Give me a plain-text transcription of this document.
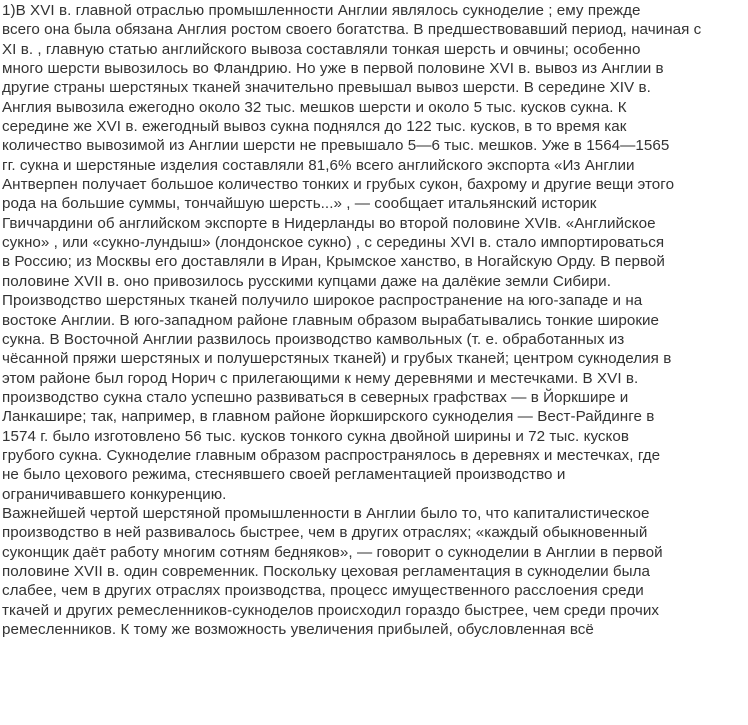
1)В XVI в. главной отраслью промышленности Англии являлось сукноделие ; ему прежде
всего она была обязана Англия ростом своего богатства. В предшествовавший период, начиная с
XI в. , главную статью английского вывоза составляли тонкая шерсть и овчины; особенно
много шерсти вывозилось во Фландрию. Но уже в первой половине XVI в. вывоз из Англии в
другие страны шерстяных тканей значительно превышал вывоз шерсти. В середине XIV в.
Англия вывозила ежегодно около 32 тыс. мешков шерсти и около 5 тыс. кусков сукна. К
середине же XVI в. ежегодный вывоз сукна поднялся до 122 тыс. кусков, в то время как
количество вывозимой из Англии шерсти не превышало 5—6 тыс. мешков. Уже в 1564—1565
гг. сукна и шерстяные изделия составляли 81,6% всего английского экспорта «Из Англии
Антверпен получает большое количество тонких и грубых сукон, бахрому и другие вещи этого
рода на большие суммы, тончайшую шерсть...» , — сообщает итальянский историк
Гвиччардини об английском экспорте в Нидерланды во второй половине XVIв. «Английское
сукно» , или «сукно-лундыш» (лондонское сукно) , с середины XVI в. стало импортироваться
в Россию; из Москвы его доставляли в Иран, Крымское ханство, в Ногайскую Орду. В первой
половине XVII в. оно привозилось русскими купцами даже на далёкие земли Сибири.
Производство шерстяных тканей получило широкое распространение на юго-западе и на
востоке Англии. В юго-западном районе главным образом вырабатывались тонкие широкие
сукна. В Восточной Англии развилось производство камвольных (т. е. обработанных из
чёсанной пряжи шерстяных и полушерстяных тканей) и грубых тканей; центром сукноделия в
этом районе был город Норич с прилегающими к нему деревнями и местечками. В XVI в.
производство сукна стало успешно развиваться в северных графствах — в Йоркшире и
Ланкашире; так, например, в главном районе йоркширского сукноделия — Вест-Райдинге в
1574 г. было изготовлено 56 тыс. кусков тонкого сукна двойной ширины и 72 тыс. кусков
грубого сукна. Сукноделие главным образом распространялось в деревнях и местечках, где
не было цехового режима, стеснявшего своей регламентацией производство и
ограничивавшего конкуренцию.
Важнейшей чертой шерстяной промышленности в Англии было то, что капиталистическое
производство в ней развивалось быстрее, чем в других отраслях; «каждый обыкновенный
суконщик даёт работу многим сотням бедняков», — говорит о сукноделии в Англии в первой
половине XVII в. один современник. Поскольку цеховая регламентация в сукноделии была
слабее, чем в других отраслях производства, процесс имущественного расслоения среди
ткачей и других ремесленников-сукноделов происходил гораздо быстрее, чем среди прочих
ремесленников. К тому же возможность увеличения прибылей, обусловленная всё
